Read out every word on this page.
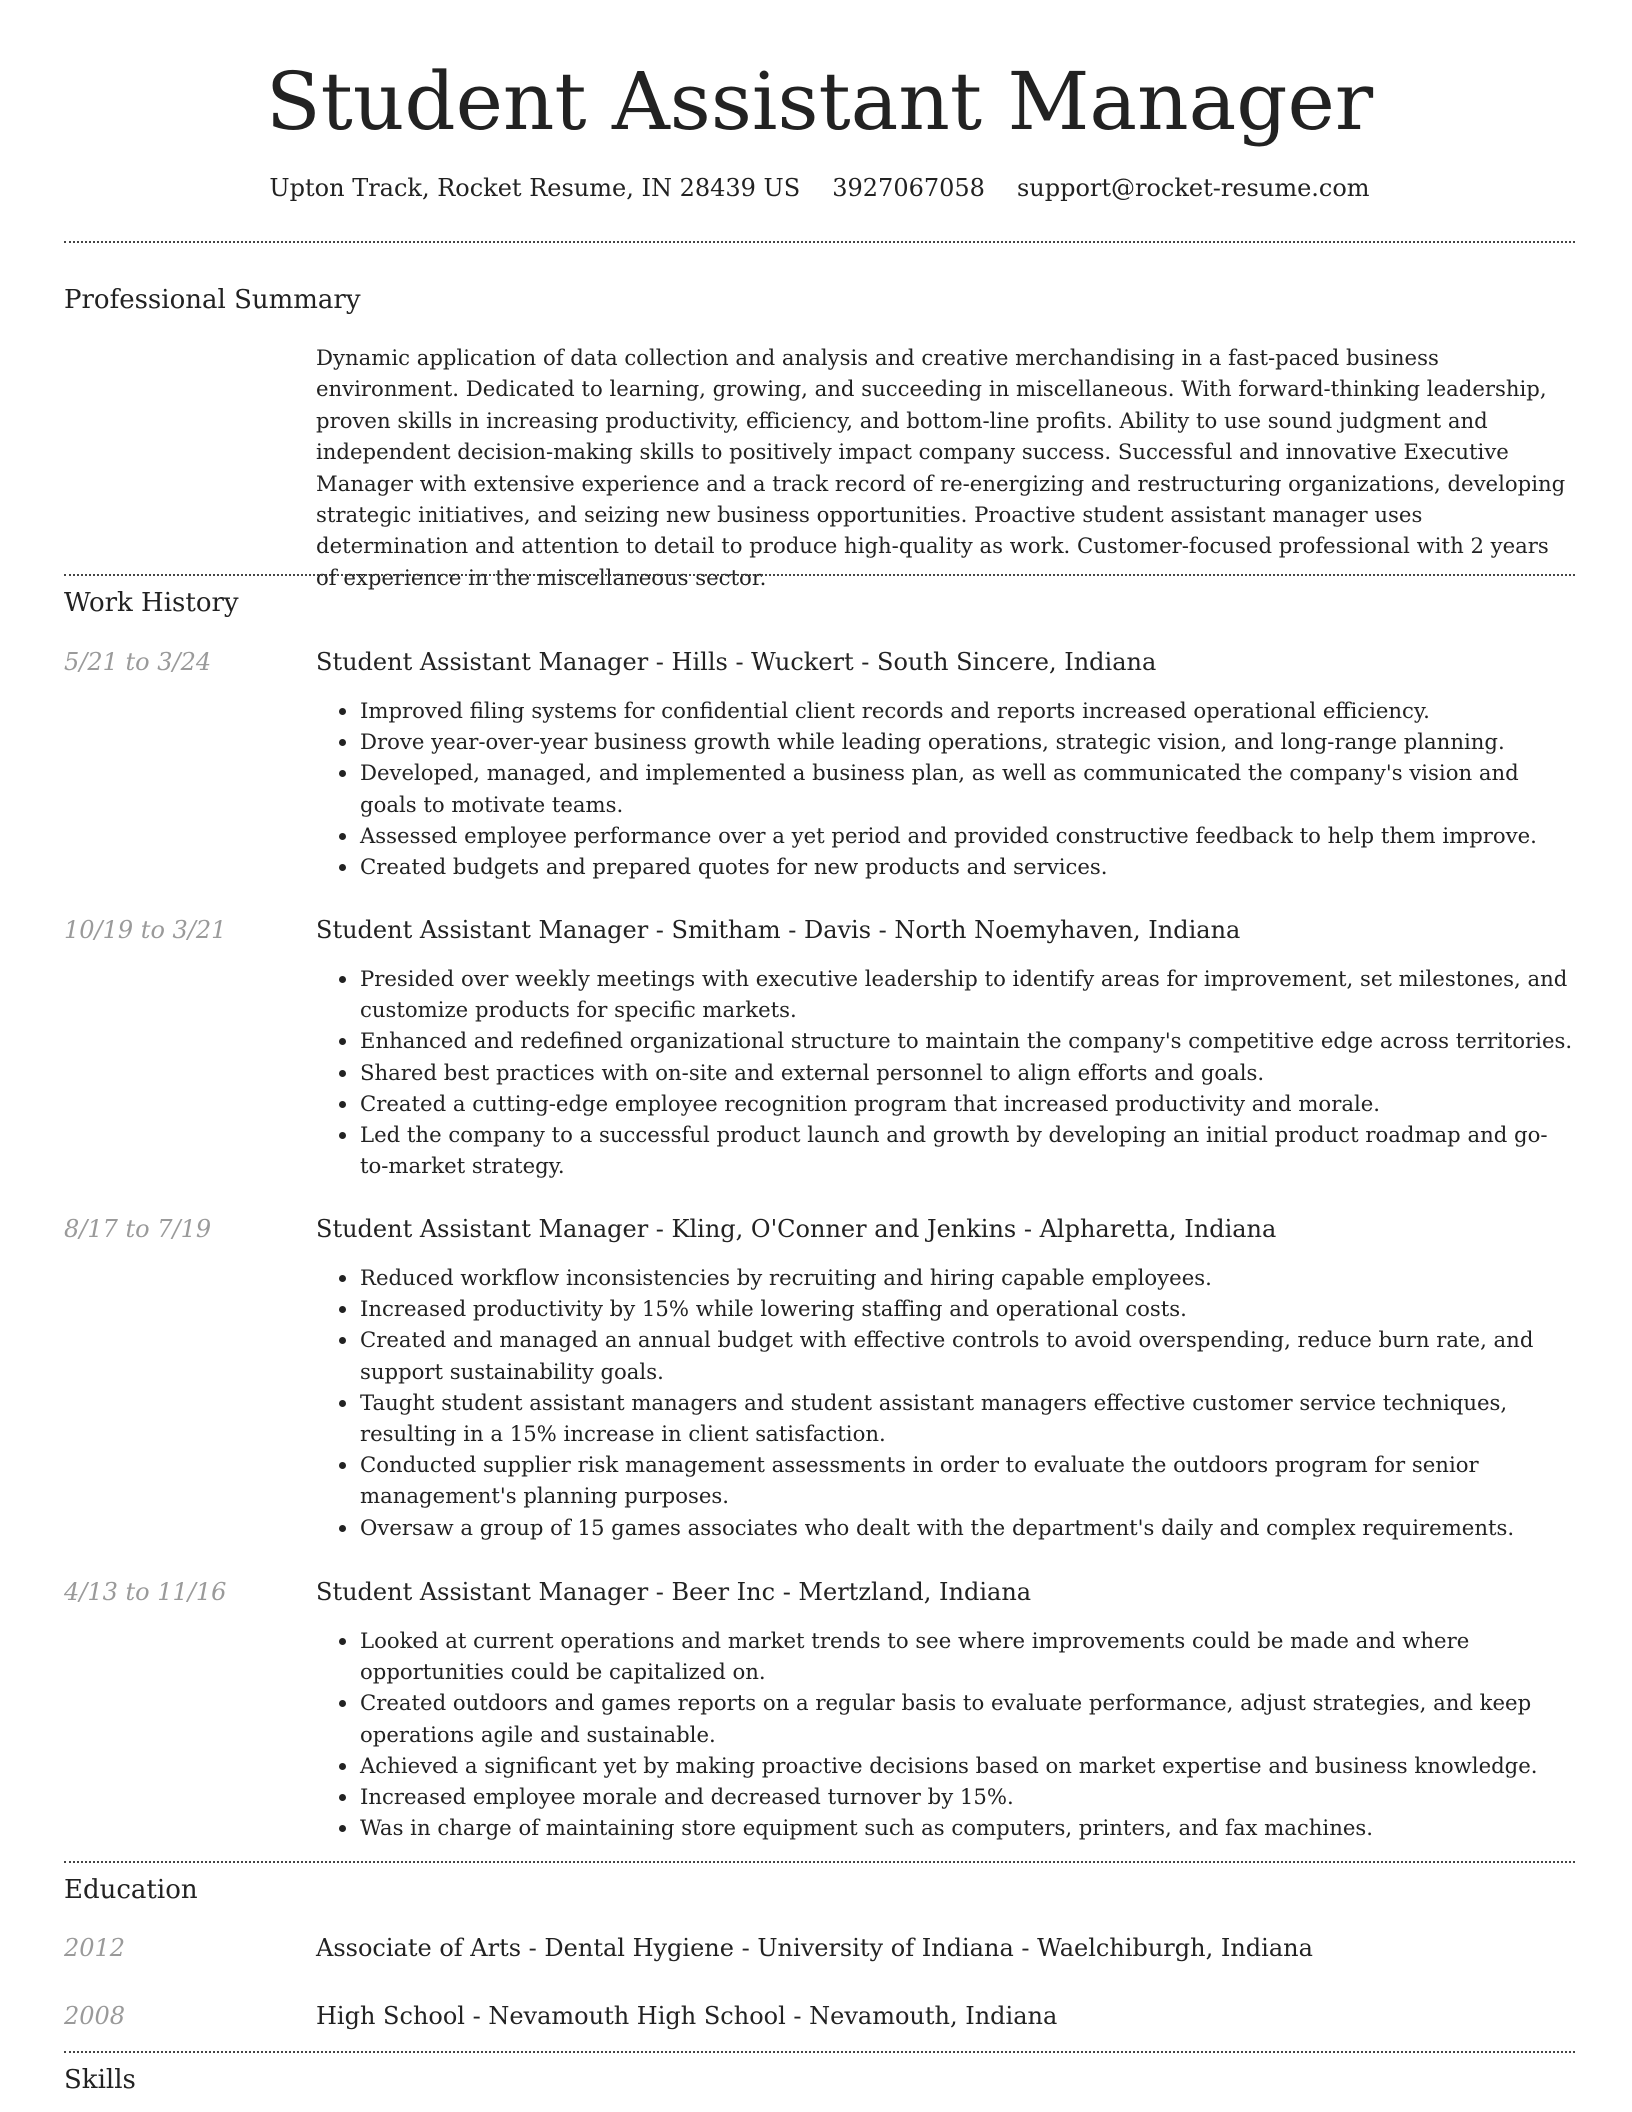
Student Assistant Manager
Upton Track, Rocket Resume, IN 28439 US 3927067058 support@rocket-resume.com
Professional Summary
Dynamic application of data collection and analysis and creative merchandising in a fast-paced business environment. Dedicated to learning, growing, and succeeding in miscellaneous. With forward-thinking leadership, proven skills in increasing productivity, efficiency, and bottom-line profits. Ability to use sound judgment and independent decision-making skills to positively impact company success. Successful and innovative Executive Manager with extensive experience and a track record of re-energizing and restructuring organizations, developing strategic initiatives, and seizing new business opportunities. Proactive student assistant manager uses determination and attention to detail to produce high-quality as work. Customer-focused professional with 2 years of experience in the miscellaneous sector.
Work History
5/21 to 3/24	Student Assistant Manager - Hills - Wuckert - South Sincere, Indiana
Improved filing systems for confidential client records and reports increased operational efficiency.
Drove year-over-year business growth while leading operations, strategic vision, and long-range planning.
Developed, managed, and implemented a business plan, as well as communicated the company's vision and goals to motivate teams.
Assessed employee performance over a yet period and provided constructive feedback to help them improve.
Created budgets and prepared quotes for new products and services.
10/19 to 3/21	Student Assistant Manager - Smitham - Davis - North Noemyhaven, Indiana
Presided over weekly meetings with executive leadership to identify areas for improvement, set milestones, and customize products for specific markets.
Enhanced and redefined organizational structure to maintain the company's competitive edge across territories.
Shared best practices with on-site and external personnel to align efforts and goals.
Created a cutting-edge employee recognition program that increased productivity and morale.
Led the company to a successful product launch and growth by developing an initial product roadmap and go-to-market strategy.
8/17 to 7/19	Student Assistant Manager - Kling, O'Conner and Jenkins - Alpharetta, Indiana
Reduced workflow inconsistencies by recruiting and hiring capable employees.
Increased productivity by 15% while lowering staffing and operational costs.
Created and managed an annual budget with effective controls to avoid overspending, reduce burn rate, and support sustainability goals.
Taught student assistant managers and student assistant managers effective customer service techniques, resulting in a 15% increase in client satisfaction.
Conducted supplier risk management assessments in order to evaluate the outdoors program for senior management's planning purposes.
Oversaw a group of 15 games associates who dealt with the department's daily and complex requirements.
4/13 to 11/16	Student Assistant Manager - Beer Inc - Mertzland, Indiana
Looked at current operations and market trends to see where improvements could be made and where opportunities could be capitalized on.
Created outdoors and games reports on a regular basis to evaluate performance, adjust strategies, and keep operations agile and sustainable.
Achieved a significant yet by making proactive decisions based on market expertise and business knowledge.
Increased employee morale and decreased turnover by 15%.
Was in charge of maintaining store equipment such as computers, printers, and fax machines.
Education
2012	Associate of Arts - Dental Hygiene - University of Indiana - Waelchiburgh, Indiana
2008	High School - Nevamouth High School - Nevamouth, Indiana
Skills
